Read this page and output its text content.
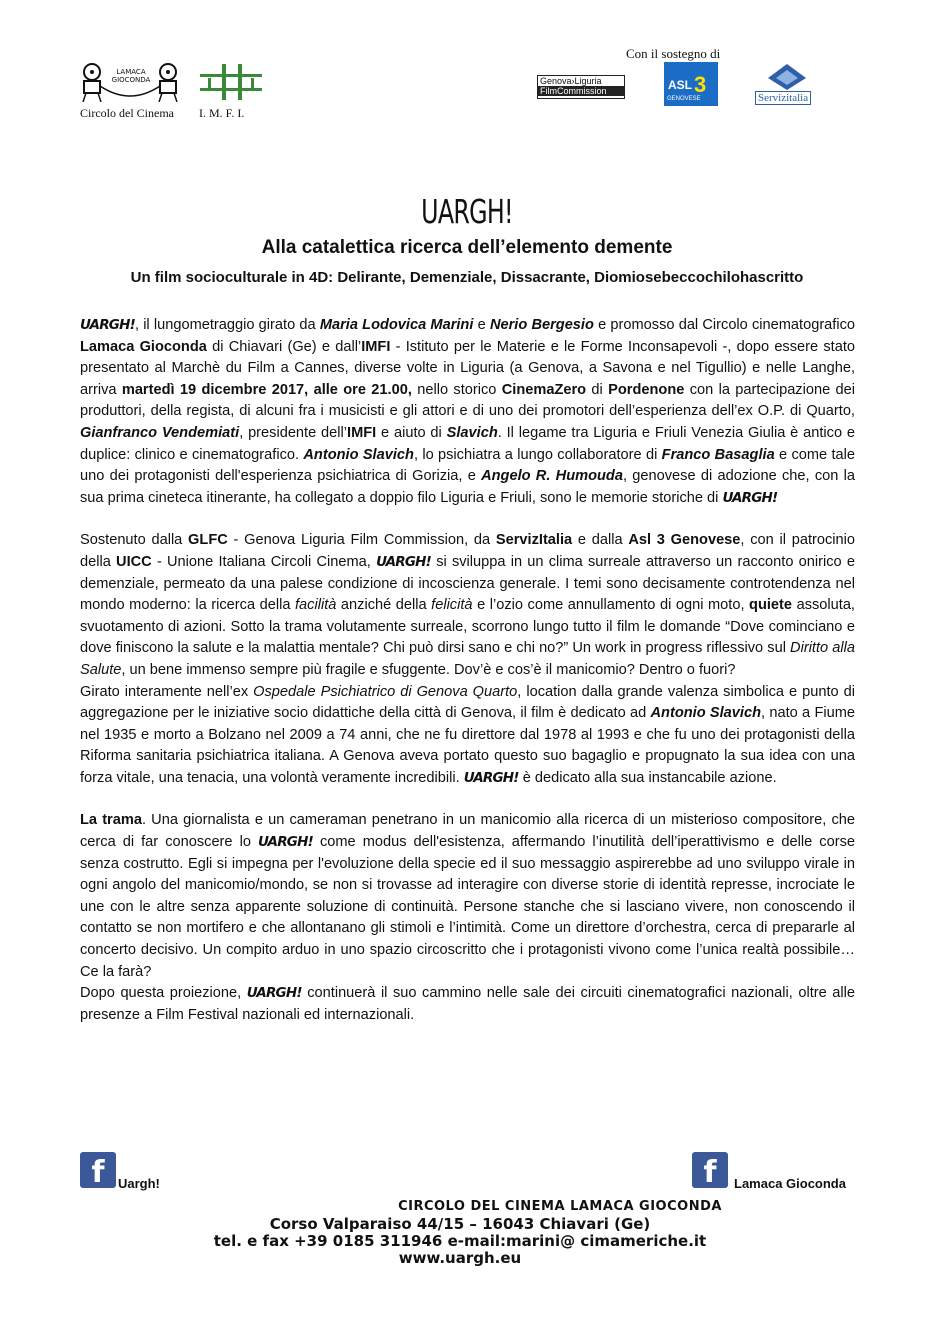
LAMACA GIOCONDA
Circolo del Cinema I. M. F. I.
Con il sostegno di
Genova›Liguria
FilmCommission	ASL 3
GENOVESE	Servizitalia
UARGH!
Alla catalettica ricerca dell’elemento demente
Un film socioculturale in 4D: Delirante, Demenziale, Dissacrante, Diomiosebeccochilohascritto

UARGH!, il lungometraggio girato da Maria Lodovica Marini e Nerio Bergesio e promosso dal Circolo cinematografico Lamaca Gioconda di Chiavari (Ge) e dall’IMFI - Istituto per le Materie e le Forme Inconsapevoli -, dopo essere stato presentato al Marchè du Film a Cannes, diverse volte in Liguria (a Genova, a Savona e nel Tigullio) e nelle Langhe, arriva martedì 19 dicembre 2017, alle ore 21.00, nello storico CinemaZero di Pordenone con la partecipazione dei produttori, della regista, di alcuni fra i musicisti e gli attori e di uno dei promotori dell’esperienza dell’ex O.P. di Quarto, Gianfranco Vendemiati, presidente dell’IMFI e aiuto di Slavich. Il legame tra Liguria e Friuli Venezia Giulia è antico e duplice: clinico e cinematografico. Antonio Slavich, lo psichiatra a lungo collaboratore di Franco Basaglia e come tale uno dei protagonisti dell'esperienza psichiatrica di Gorizia, e Angelo R. Humouda, genovese di adozione che, con la sua prima cineteca itinerante, ha collegato a doppio filo Liguria e Friuli, sono le memorie storiche di UARGH!

Sostenuto dalla GLFC - Genova Liguria Film Commission, da ServizItalia e dalla Asl 3 Genovese, con il patrocinio della UICC - Unione Italiana Circoli Cinema, UARGH! si sviluppa in un clima surreale attraverso un racconto onirico e demenziale, permeato da una palese condizione di incoscienza generale. I temi sono decisamente controtendenza nel mondo moderno: la ricerca della facilità anziché della felicità e l’ozio come annullamento di ogni moto, quiete assoluta, svuotamento di azioni. Sotto la trama volutamente surreale, scorrono lungo tutto il film le domande “Dove cominciano e dove finiscono la salute e la malattia mentale? Chi può dirsi sano e chi no?” Un work in progress riflessivo sul Diritto alla Salute, un bene immenso sempre più fragile e sfuggente. Dov’è e cos’è il manicomio? Dentro o fuori?

Girato interamente nell’ex Ospedale Psichiatrico di Genova Quarto, location dalla grande valenza simbolica e punto di aggregazione per le iniziative socio didattiche della città di Genova, il film è dedicato ad Antonio Slavich, nato a Fiume nel 1935 e morto a Bolzano nel 2009 a 74 anni, che ne fu direttore dal 1978 al 1993 e che fu uno dei protagonisti della Riforma sanitaria psichiatrica italiana. A Genova aveva portato questo suo bagaglio e propugnato la sua idea con una forza vitale, una tenacia, una volontà veramente incredibili. UARGH! è dedicato alla sua instancabile azione.

La trama. Una giornalista e un cameraman penetrano in un manicomio alla ricerca di un misterioso compositore, che cerca di far conoscere lo UARGH! come modus dell'esistenza, affermando l’inutilità dell’iperattivismo e delle corse senza costrutto. Egli si impegna per l'evoluzione della specie ed il suo messaggio aspirerebbe ad uno sviluppo virale in ogni angolo del manicomio/mondo, se non si trovasse ad interagire con diverse storie di identità represse, incrociate le une con le altre senza apparente soluzione di continuità. Persone stanche che si lasciano vivere, non conoscendo il contatto se non mortifero e che allontanano gli stimoli e l’intimità. Come un direttore d’orchestra, cerca di prepararle al concerto decisivo. Un compito arduo in uno spazio circoscritto che i protagonisti vivono come l’unica realtà possibile… Ce la farà?

Dopo questa proiezione, UARGH! continuerà il suo cammino nelle sale dei circuiti cinematografici nazionali, oltre alle presenze a Film Festival nazionali ed internazionali.

f	Uargh!	f	Lamaca Gioconda
CIRCOLO DEL CINEMA LAMACA GIOCONDA
Corso Valparaiso 44/15 – 16043 Chiavari (Ge)
tel. e fax +39 0185 311946 e-mail:marini@ cimameriche.it
www.uargh.eu
